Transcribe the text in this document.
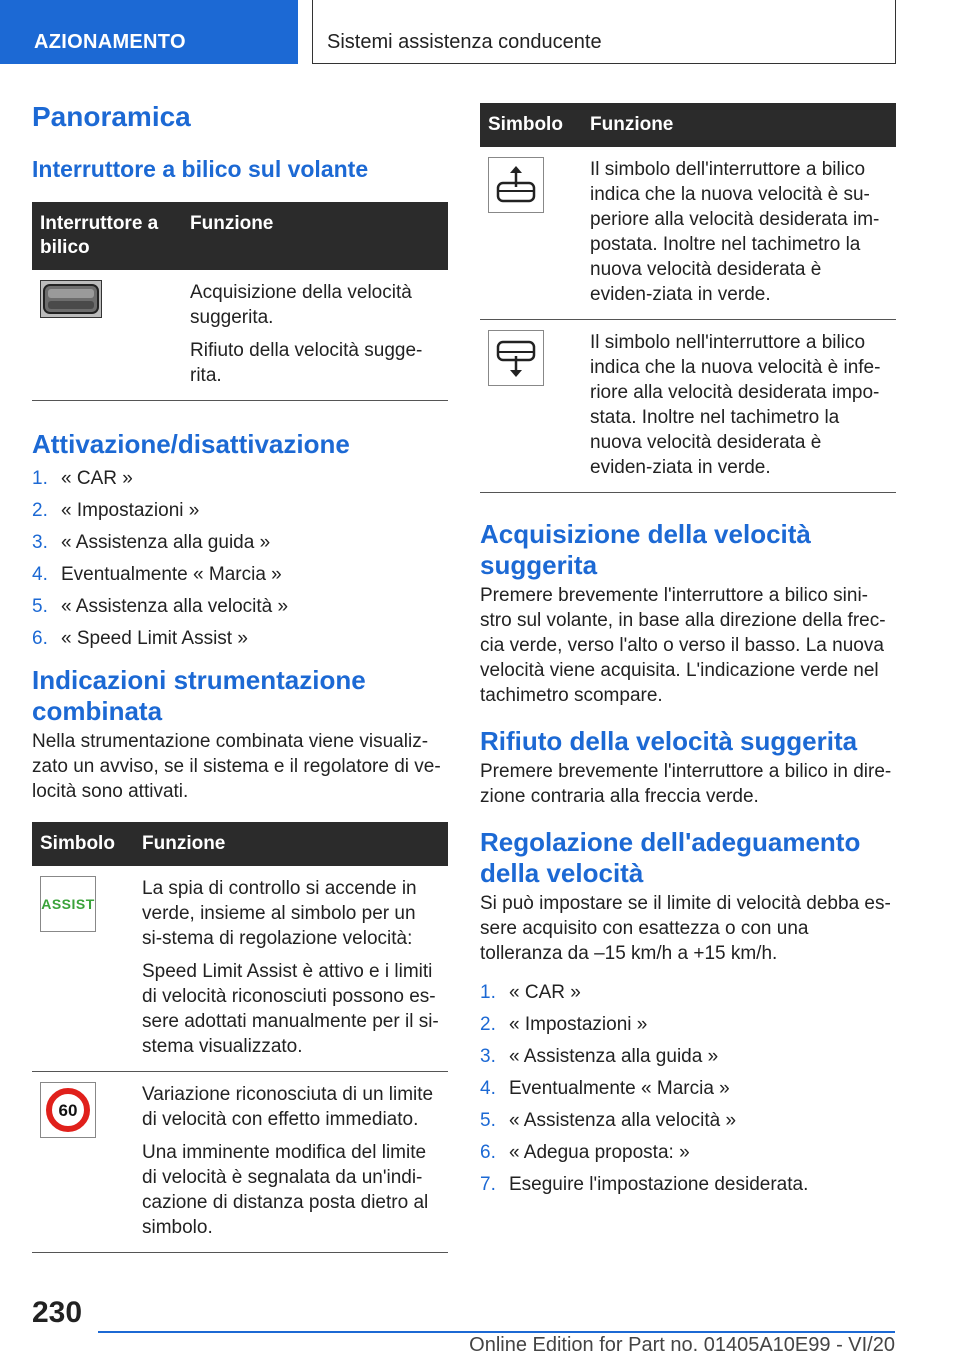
AZIONAMENTO	Sistemi assistenza conducente
Panoramica
Interruttore a bilico sul volante
Interruttore a bilico	Funzione

Acquisizione della velocità suggerita.

Rifiuto della velocità sugge-rita.

Attivazione/disattivazione
1. « CAR »
2. « Impostazioni »
3. « Assistenza alla guida »
4. Eventualmente « Marcia »
5. « Assistenza alla velocità »
6. « Speed Limit Assist »
Indicazioni strumentazione combinata

Nella strumentazione combinata viene visualiz-zato un avviso, se il sistema e il regolatore di ve-locità sono attivati.

Simbolo	Funzione

ASSIST	La spia di controllo si accende in verde, insieme al simbolo per un si-stema di regolazione velocità:

Speed Limit Assist è attivo e i limiti di velocità riconosciuti possono es-sere adottati manualmente per il si-stema visualizzato.

60	Variazione riconosciuta di un limite di velocità con effetto immediato.

Una imminente modifica del limite di velocità è segnalata da un'indi-cazione di distanza posta dietro al simbolo.

Simbolo	Funzione

Il simbolo dell'interruttore a bilico indica che la nuova velocità è su-periore alla velocità desiderata im-postata. Inoltre nel tachimetro la nuova velocità desiderata è eviden-ziata in verde.

Il simbolo nell'interruttore a bilico indica che la nuova velocità è infe-riore alla velocità desiderata impo-stata. Inoltre nel tachimetro la nuova velocità desiderata è eviden-ziata in verde.

Acquisizione della velocità suggerita

Premere brevemente l'interruttore a bilico sini-stro sul volante, in base alla direzione della frec-cia verde, verso l'alto o verso il basso. La nuova velocità viene acquisita. L'indicazione verde nel tachimetro scompare.

Rifiuto della velocità suggerita

Premere brevemente l'interruttore a bilico in dire-zione contraria alla freccia verde.

Regolazione dell'adeguamento della velocità

Si può impostare se il limite di velocità debba es-sere acquisito con esattezza o con una tolleranza da –15 km/h a +15 km/h.

1. « CAR »
2. « Impostazioni »
3. « Assistenza alla guida »
4. Eventualmente « Marcia »
5. « Assistenza alla velocità »
6. « Adegua proposta: »
7. Eseguire l'impostazione desiderata.
230
Online Edition for Part no. 01405A10E99 - VI/20
